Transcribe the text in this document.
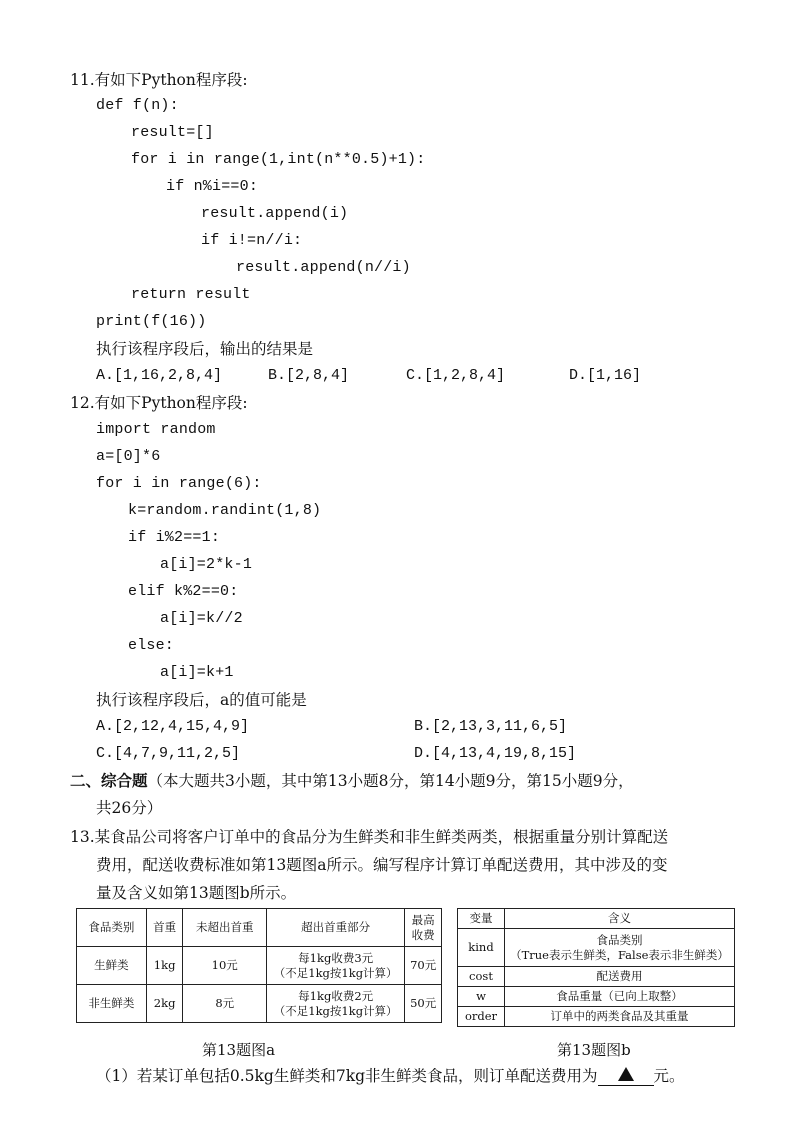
11.有如下Python程序段:
def f(n):
result=[]
for i in range(1,int(n**0.5)+1):
if n%i==0:
result.append(i)
if i!=n//i:
result.append(n//i)
return result
print(f(16))
执行该程序段后，输出的结果是
A.[1,16,2,8,4]	B.[2,8,4]	C.[1,2,8,4]	D.[1,16]
12.有如下Python程序段:
import random
a=[0]*6
for i in range(6):
k=random.randint(1,8)
if i%2==1:
a[i]=2*k-1
elif k%2==0:
a[i]=k//2
else:
a[i]=k+1
执行该程序段后，a的值可能是
A.[2,12,4,15,4,9]	B.[2,13,3,11,6,5]
C.[4,7,9,11,2,5]	D.[4,13,4,19,8,15]
二、综合题（本大题共3小题，其中第13小题8分，第14小题9分，第15小题9分，
共26分）
13.某食品公司将客户订单中的食品分为生鲜类和非生鲜类两类，根据重量分别计算配送
费用，配送收费标准如第13题图a所示。编写程序计算订单配送费用，其中涉及的变
量及含义如第13题图b所示。
食品类别	首重	未超出首重	超出首重部分	最高
收费

生鲜类	1kg	10元	每1kg收费3元
（不足1kg按1kg计算）	70元
非生鲜类	2kg	8元	每1kg收费2元
（不足1kg按1kg计算）	50元
变量	含义
kind	食品类别
（True表示生鲜类，False表示非生鲜类）

cost	配送费用
w	食品重量（已向上取整）
order	订单中的两类食品及其重量
第13题图a	第13题图b
（1）若某订单包括0.5kg生鲜类和7kg非生鲜类食品，则订单配送费用为	元。
